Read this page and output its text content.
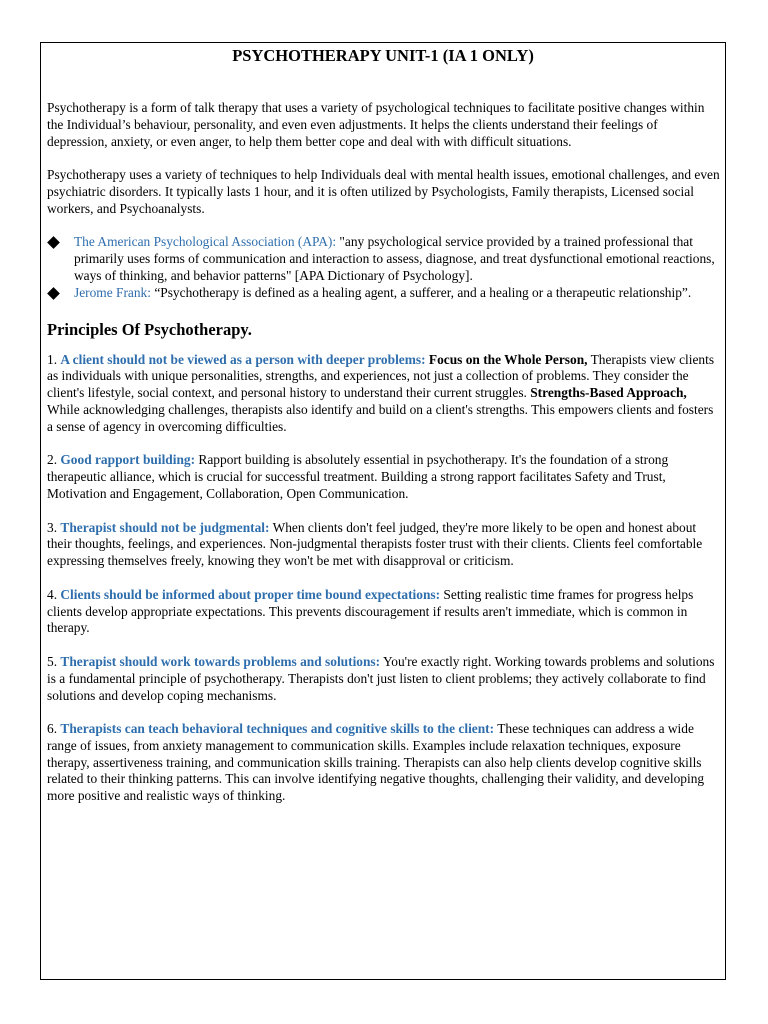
PSYCHOTHERAPY UNIT-1 (IA 1 ONLY)

Psychotherapy is a form of talk therapy that uses a variety of psychological techniques to facilitate positive changes within the Individual’s behaviour, personality, and even even adjustments. It helps the clients understand their feelings of depression, anxiety, or even anger, to help them better cope and deal with with difficult situations.

Psychotherapy uses a variety of techniques to help Individuals deal with mental health issues, emotional challenges, and even psychiatric disorders. It typically lasts 1 hour, and it is often utilized by Psychologists, Family therapists, Licensed social workers, and Psychoanalysts.

The American Psychological Association (APA): "any psychological service provided by a trained professional that primarily uses forms of communication and interaction to assess, diagnose, and treat dysfunctional emotional reactions, ways of thinking, and behavior patterns" [APA Dictionary of Psychology].
Jerome Frank: “Psychotherapy is defined as a healing agent, a sufferer, and a healing or a therapeutic relationship”.
Principles Of Psychotherapy.

1. A client should not be viewed as a person with deeper problems: Focus on the Whole Person, Therapists view clients as individuals with unique personalities, strengths, and experiences, not just a collection of problems. They consider the client's lifestyle, social context, and personal history to understand their current struggles. Strengths-Based Approach, While acknowledging challenges, therapists also identify and build on a client's strengths. This empowers clients and fosters a sense of agency in overcoming difficulties.

2. Good rapport building: Rapport building is absolutely essential in psychotherapy. It's the foundation of a strong therapeutic alliance, which is crucial for successful treatment. Building a strong rapport facilitates Safety and Trust, Motivation and Engagement, Collaboration, Open Communication.

3. Therapist should not be judgmental: When clients don't feel judged, they're more likely to be open and honest about their thoughts, feelings, and experiences. Non-judgmental therapists foster trust with their clients. Clients feel comfortable expressing themselves freely, knowing they won't be met with disapproval or criticism.

4. Clients should be informed about proper time bound expectations: Setting realistic time frames for progress helps clients develop appropriate expectations. This prevents discouragement if results aren't immediate, which is common in therapy.

5. Therapist should work towards problems and solutions: You're exactly right. Working towards problems and solutions is a fundamental principle of psychotherapy. Therapists don't just listen to client problems; they actively collaborate to find solutions and develop coping mechanisms.

6. Therapists can teach behavioral techniques and cognitive skills to the client: These techniques can address a wide range of issues, from anxiety management to communication skills. Examples include relaxation techniques, exposure therapy, assertiveness training, and communication skills training. Therapists can also help clients develop cognitive skills related to their thinking patterns. This can involve identifying negative thoughts, challenging their validity, and developing more positive and realistic ways of thinking.
